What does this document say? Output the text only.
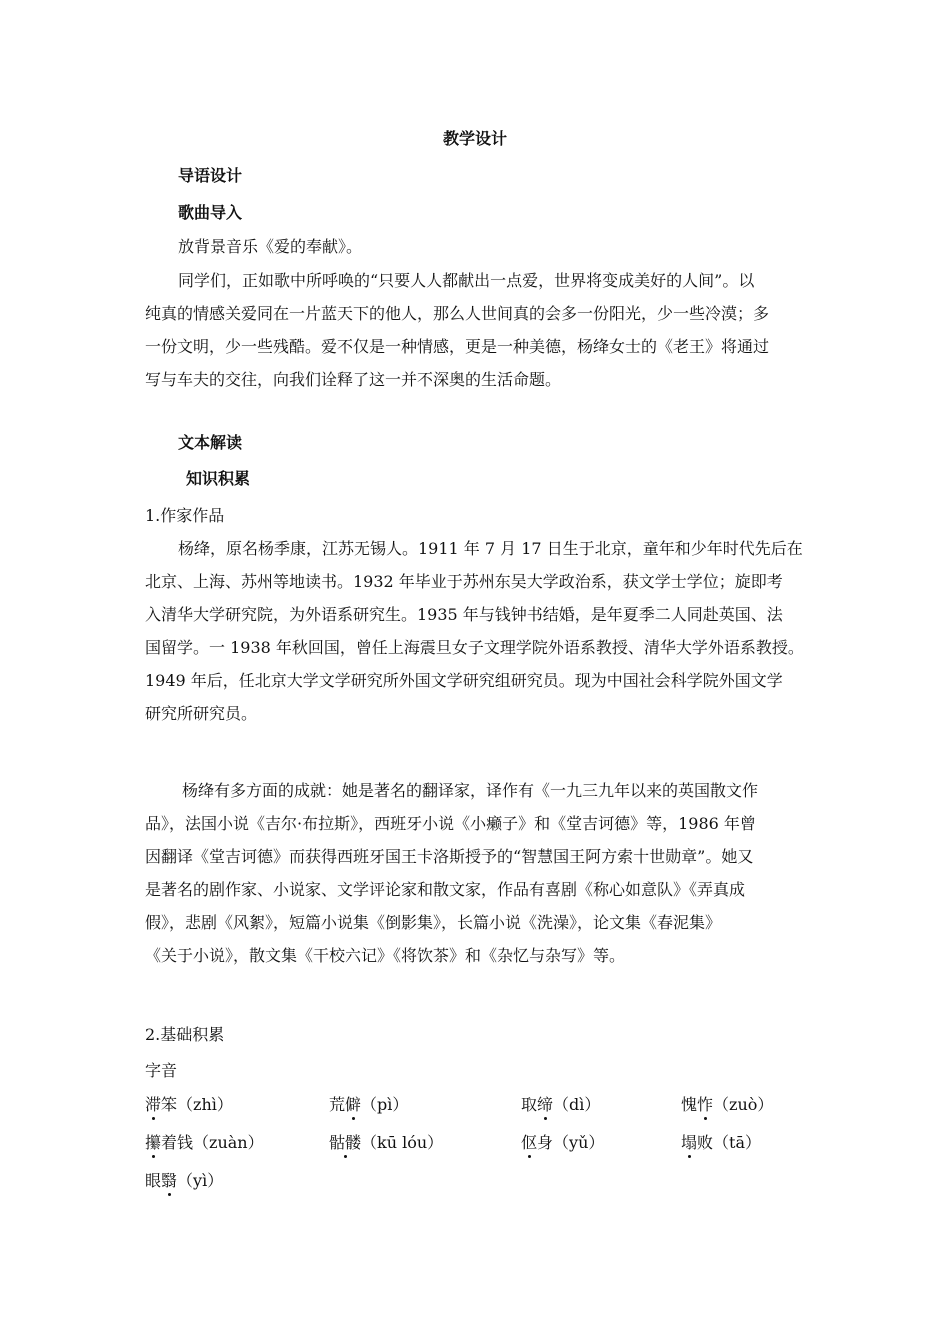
教学设计
导语设计
歌曲导入
放背景音乐《爱的奉献》。
同学们，正如歌中所呼唤的“只要人人都献出一点爱，世界将变成美好的人间”。以
纯真的情感关爱同在一片蓝天下的他人，那么人世间真的会多一份阳光，少一些冷漠；多
一份文明，少一些残酷。爱不仅是一种情感，更是一种美德，杨绛女士的《老王》将通过
写与车夫的交往，向我们诠释了这一并不深奥的生活命题。
文本解读
知识积累
1.作家作品
杨绛，原名杨季康，江苏无锡人。1911 年 7 月 17 日生于北京，童年和少年时代先后在
北京、上海、苏州等地读书。1932 年毕业于苏州东吴大学政治系，获文学士学位；旋即考
入清华大学研究院，为外语系研究生。1935 年与钱钟书结婚，是年夏季二人同赴英国、法
国留学。一 1938 年秋回国，曾任上海震旦女子文理学院外语系教授、清华大学外语系教授。
1949 年后，任北京大学文学研究所外国文学研究组研究员。现为中国社会科学院外国文学
研究所研究员。
杨绛有多方面的成就：她是著名的翻译家，译作有《一九三九年以来的英国散文作
品》，法国小说《吉尔·布拉斯》，西班牙小说《小癞子》和《堂吉诃德》等，1986 年曾
因翻译《堂吉诃德》而获得西班牙国王卡洛斯授予的“智慧国王阿方索十世勋章”。她又
是著名的剧作家、小说家、文学评论家和散文家，作品有喜剧《称心如意队》《弄真成
假》，悲剧《风絮》，短篇小说集《倒影集》，长篇小说《洗澡》，论文集《春泥集》
《关于小说》，散文集《干校六记》《将饮茶》和《杂忆与杂写》等。
2.基础积累
字音
滞笨（zhì）	荒僻（pì）	取缔（dì）	愧怍（zuò）
攥着钱（zuàn）	骷髅（kū lóu）	伛身（yǔ）	塌败（tā）
眼翳（yì）
